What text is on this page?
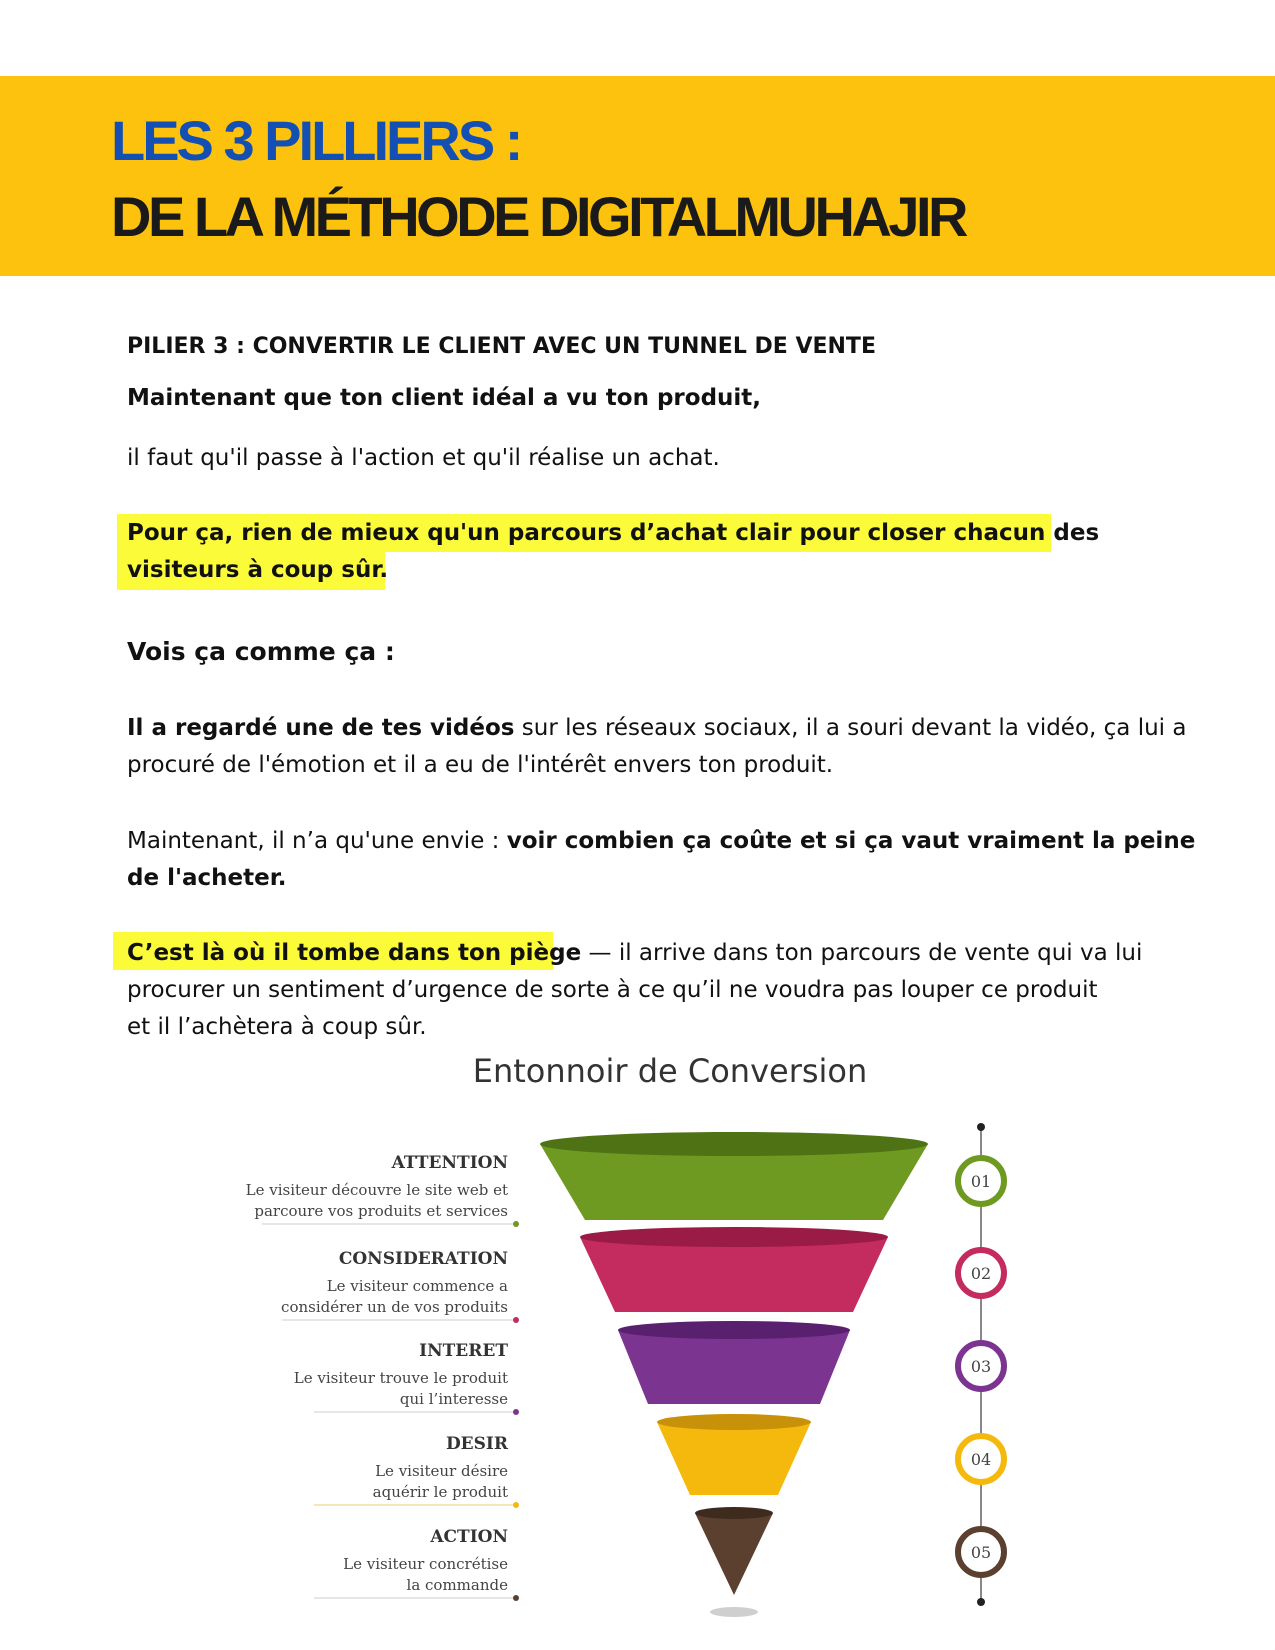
LES 3 PILLIERS :
DE LA MÉTHODE DIGITALMUHAJIR
PILIER 3 : CONVERTIR LE CLIENT AVEC UN TUNNEL DE VENTE
Maintenant que ton client idéal a vu ton produit,
il faut qu'il passe à l'action et qu'il réalise un achat.
Pour ça, rien de mieux qu'un parcours d’achat clair pour closer chacun des
visiteurs à coup sûr.
Vois ça comme ça :
Il a regardé une de tes vidéos sur les réseaux sociaux, il a souri devant la vidéo, ça lui a
procuré de l'émotion et il a eu de l'intérêt envers ton produit.
Maintenant, il n’a qu'une envie : voir combien ça coûte et si ça vaut vraiment la peine
de l'acheter.
C’est là où il tombe dans ton piège — il arrive dans ton parcours de vente qui va lui
procurer un sentiment d’urgence de sorte à ce qu’il ne voudra pas louper ce produit
et il l’achètera à coup sûr.
Entonnoir de Conversion
01
02
03
04
05
ATTENTION
Le visiteur découvre le site web et
parcoure vos produits et services
CONSIDERATION
Le visiteur commence a
considérer un de vos produits
INTERET
Le visiteur trouve le produit
qui l’interesse
DESIR
Le visiteur désire
aquérir le produit
ACTION
Le visiteur concrétise
la commande
